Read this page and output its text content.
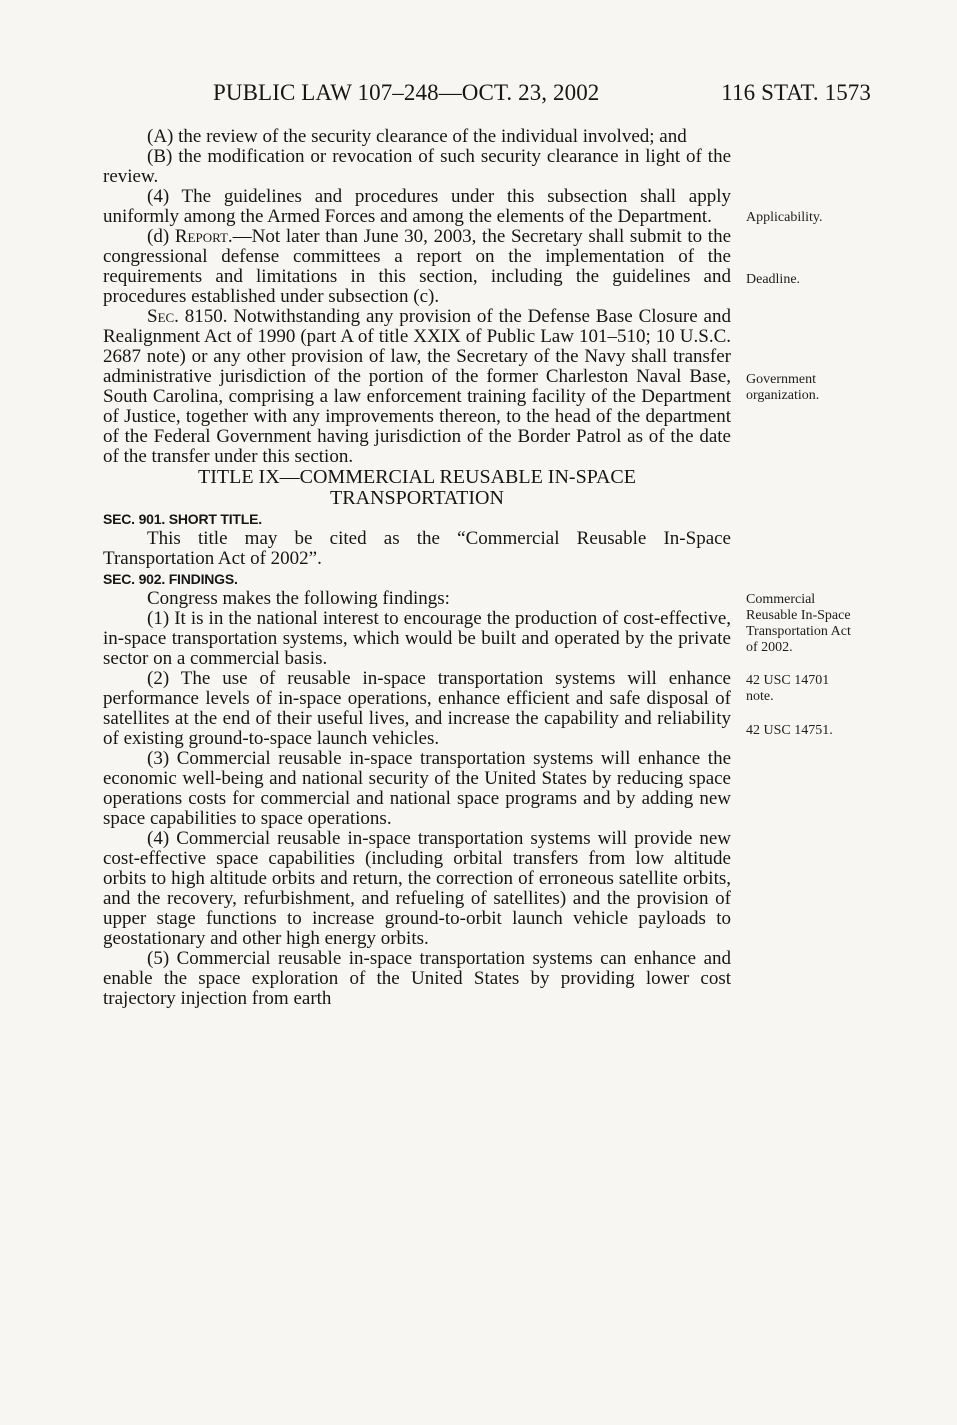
PUBLIC LAW 107–248—OCT. 23, 2002	116 STAT. 1573

(A) the review of the security clearance of the individual involved; and

(B) the modification or revocation of such security clearance in light of the review.

(4) The guidelines and procedures under this subsection shall apply uniformly among the Armed Forces and among the elements of the Department.

(d) Report.—Not later than June 30, 2003, the Secretary shall submit to the congressional defense committees a report on the implementation of the requirements and limitations in this section, including the guidelines and procedures established under subsection (c).

Sec. 8150. Notwithstanding any provision of the Defense Base Closure and Realignment Act of 1990 (part A of title XXIX of Public Law 101–510; 10 U.S.C. 2687 note) or any other provision of law, the Secretary of the Navy shall transfer administrative jurisdiction of the portion of the former Charleston Naval Base, South Carolina, comprising a law enforcement training facility of the Department of Justice, together with any improvements thereon, to the head of the department of the Federal Government having jurisdiction of the Border Patrol as of the date of the transfer under this section.

TITLE IX—COMMERCIAL REUSABLE IN-SPACE TRANSPORTATION

SEC. 901. SHORT TITLE.

This title may be cited as the “Commercial Reusable In-Space Transportation Act of 2002”.

SEC. 902. FINDINGS.

Congress makes the following findings:

(1) It is in the national interest to encourage the production of cost-effective, in-space transportation systems, which would be built and operated by the private sector on a commercial basis.

(2) The use of reusable in-space transportation systems will enhance performance levels of in-space operations, enhance efficient and safe disposal of satellites at the end of their useful lives, and increase the capability and reliability of existing ground-to-space launch vehicles.

(3) Commercial reusable in-space transportation systems will enhance the economic well-being and national security of the United States by reducing space operations costs for commercial and national space programs and by adding new space capabilities to space operations.

(4) Commercial reusable in-space transportation systems will provide new cost-effective space capabilities (including orbital transfers from low altitude orbits to high altitude orbits and return, the correction of erroneous satellite orbits, and the recovery, refurbishment, and refueling of satellites) and the provision of upper stage functions to increase ground-to-orbit launch vehicle payloads to geostationary and other high energy orbits.

(5) Commercial reusable in-space transportation systems can enhance and enable the space exploration of the United States by providing lower cost trajectory injection from earth

Applicability.
Deadline.
Government organization.
Commercial Reusable In-Space Transportation Act of 2002.
42 USC 14701 note.
42 USC 14751.
